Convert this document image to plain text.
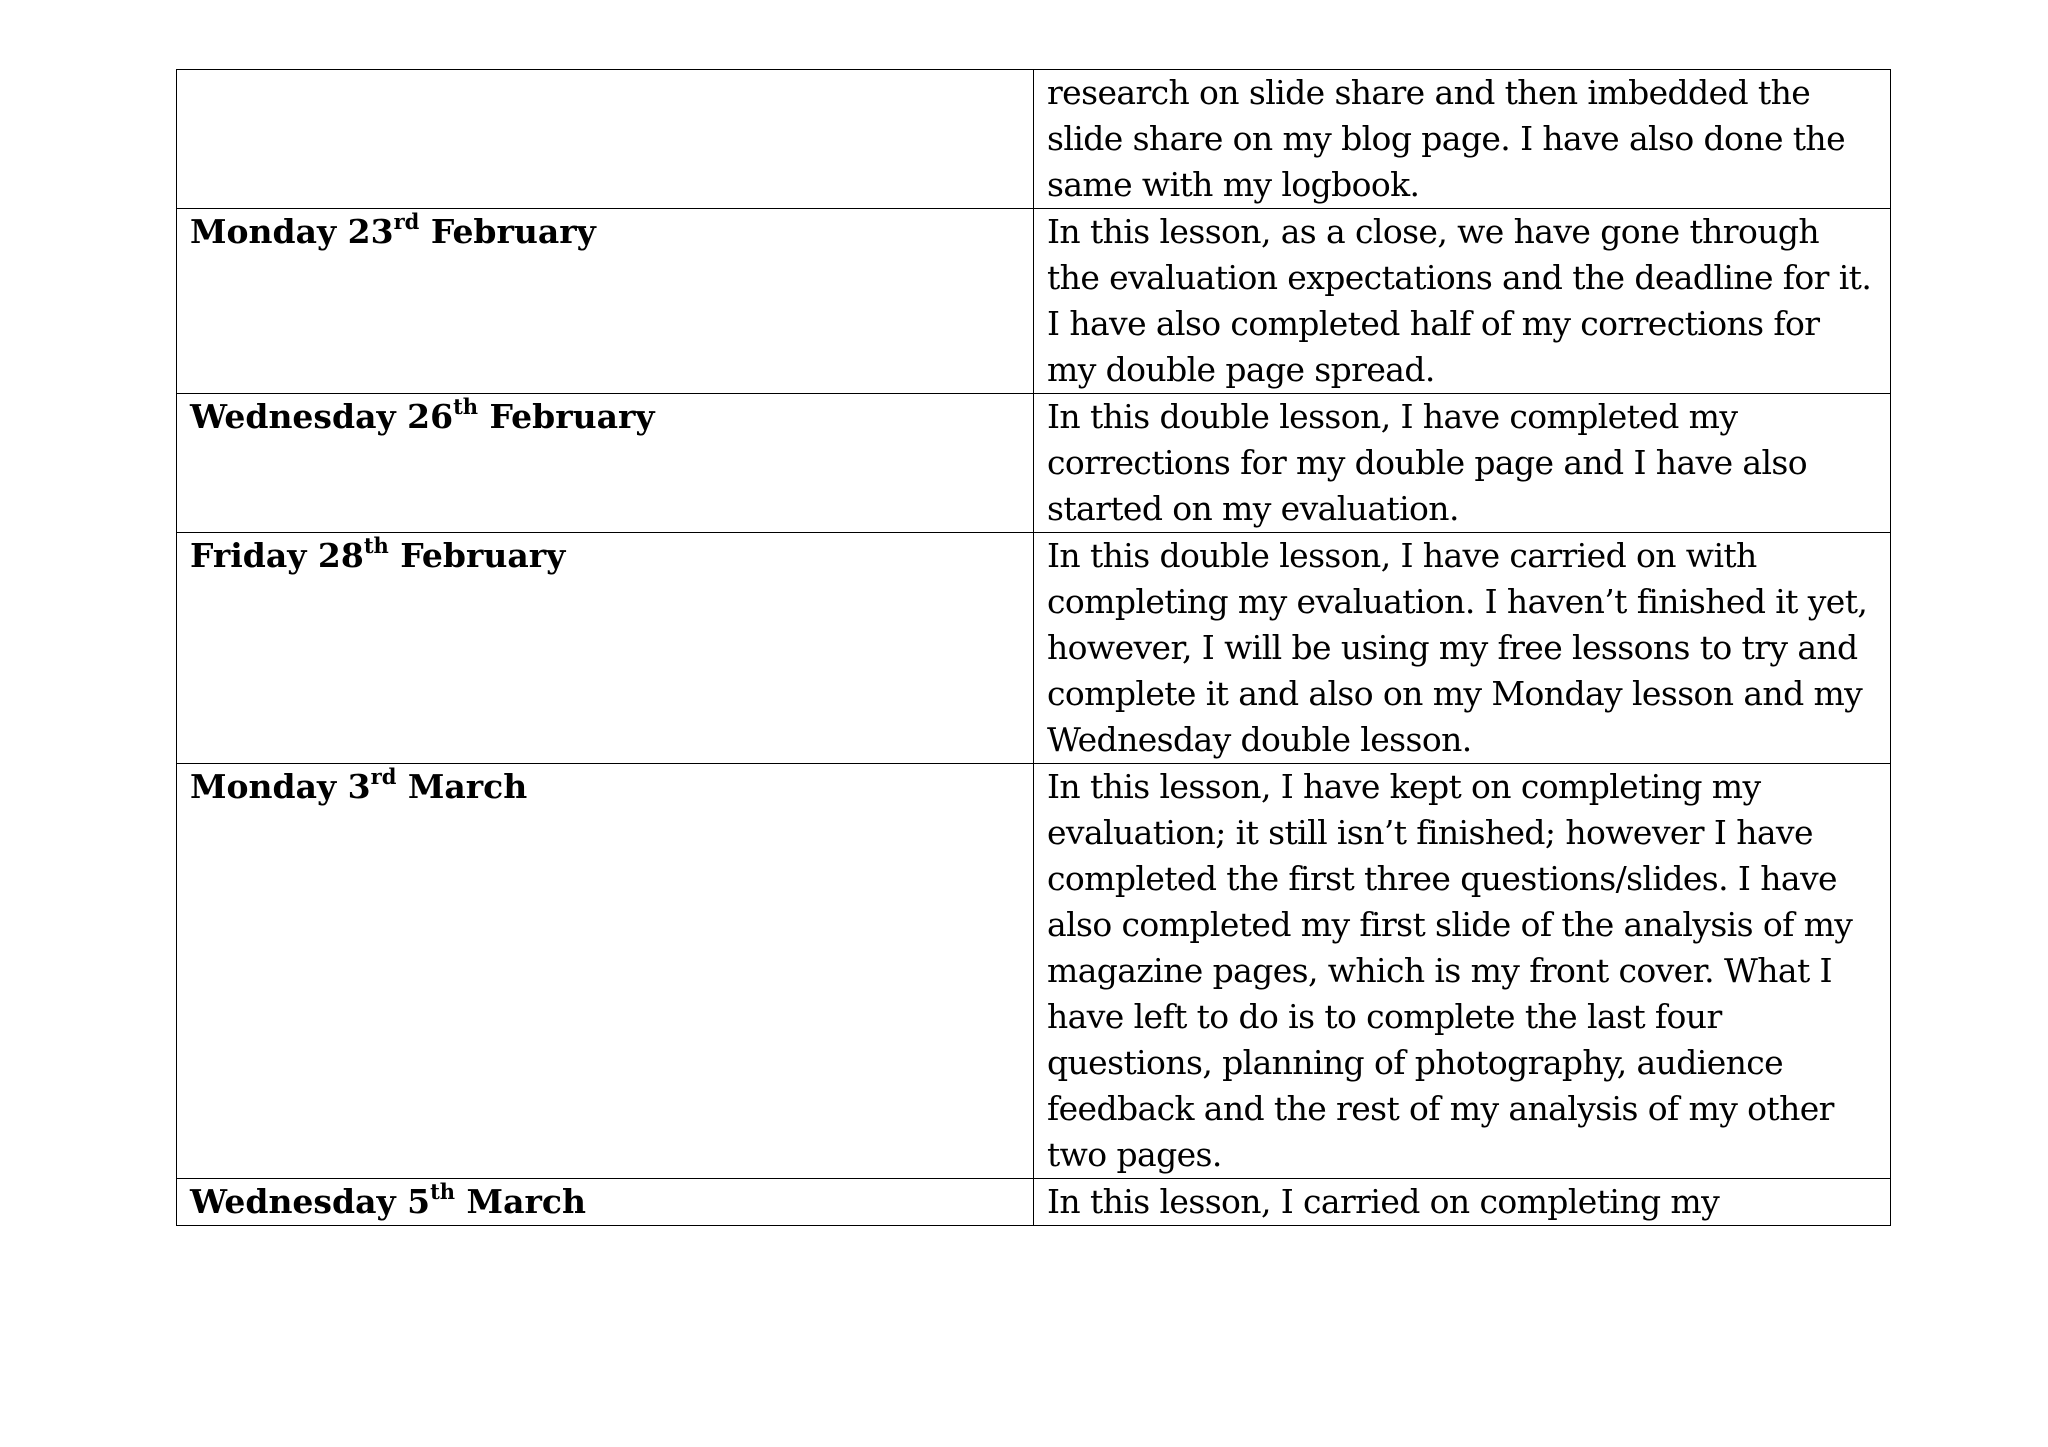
	research on slide share and then imbedded the slide share on my blog page. I have also done the same with my logbook.
Monday 23rd February	In this lesson, as a close, we have gone through the evaluation expectations and the deadline for it. I have also completed half of my corrections for my double page spread.
Wednesday 26th February	In this double lesson, I have completed my corrections for my double page and I have also started on my evaluation.
Friday 28th February	In this double lesson, I have carried on with completing my evaluation. I haven’t finished it yet, however, I will be using my free lessons to try and complete it and also on my Monday lesson and my Wednesday double lesson.
Monday 3rd March	In this lesson, I have kept on completing my evaluation; it still isn’t finished; however I have completed the first three questions/slides. I have also completed my first slide of the analysis of my magazine pages, which is my front cover. What I have left to do is to complete the last four questions, planning of photography, audience feedback and the rest of my analysis of my other two pages.
Wednesday 5th March	In this lesson, I carried on completing my
